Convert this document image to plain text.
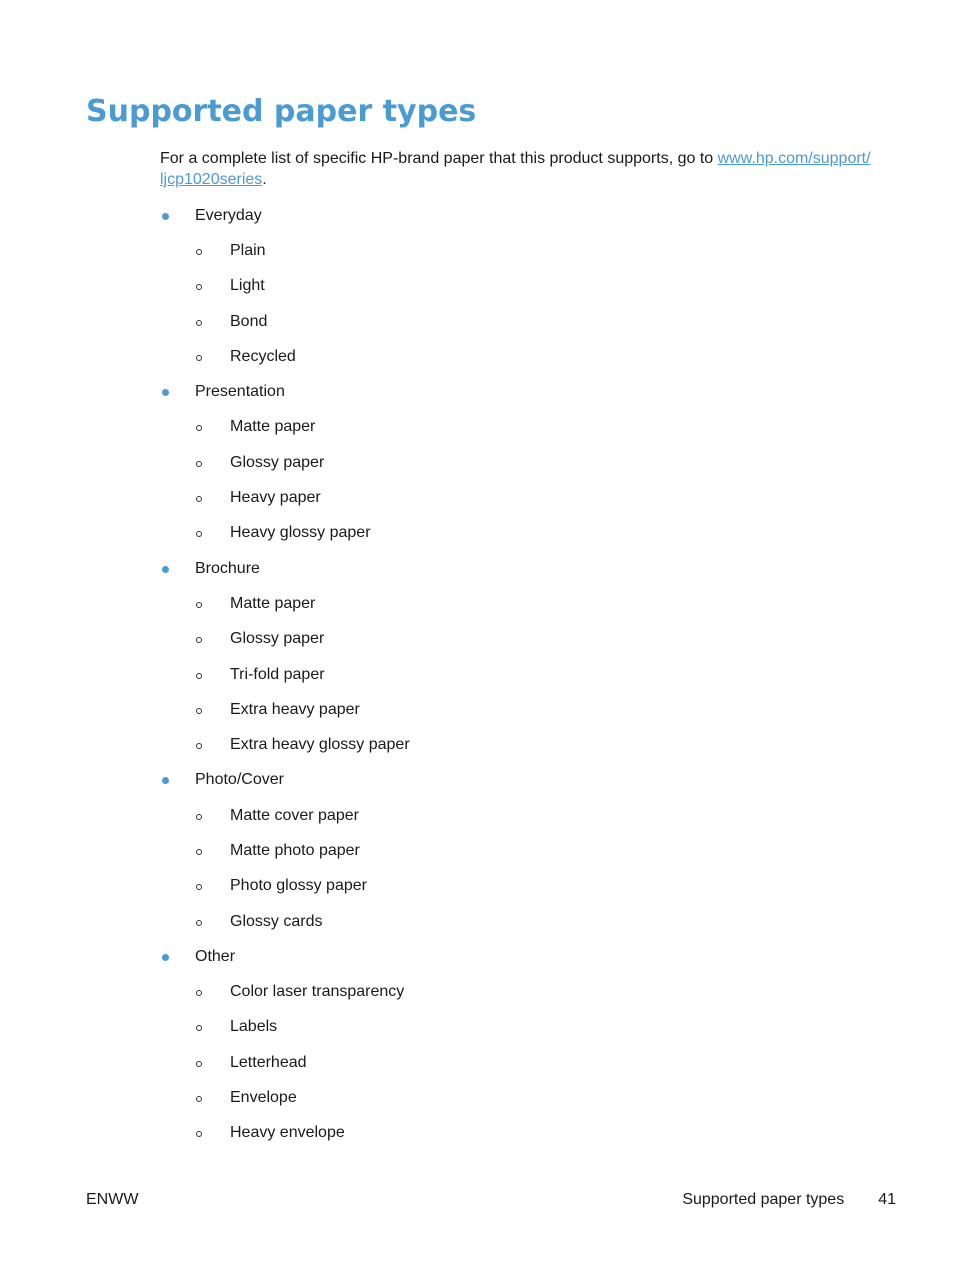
Supported paper types

For a complete list of specific HP-brand paper that this product supports, go to www.hp.com/support/
ljcp1020series.

Everyday
Plain
Light
Bond
Recycled
Presentation
Matte paper
Glossy paper
Heavy paper
Heavy glossy paper
Brochure
Matte paper
Glossy paper
Tri-fold paper
Extra heavy paper
Extra heavy glossy paper
Photo/Cover
Matte cover paper
Matte photo paper
Photo glossy paper
Glossy cards
Other
Color laser transparency
Labels
Letterhead
Envelope
Heavy envelope
ENWW	Supported paper types 41
